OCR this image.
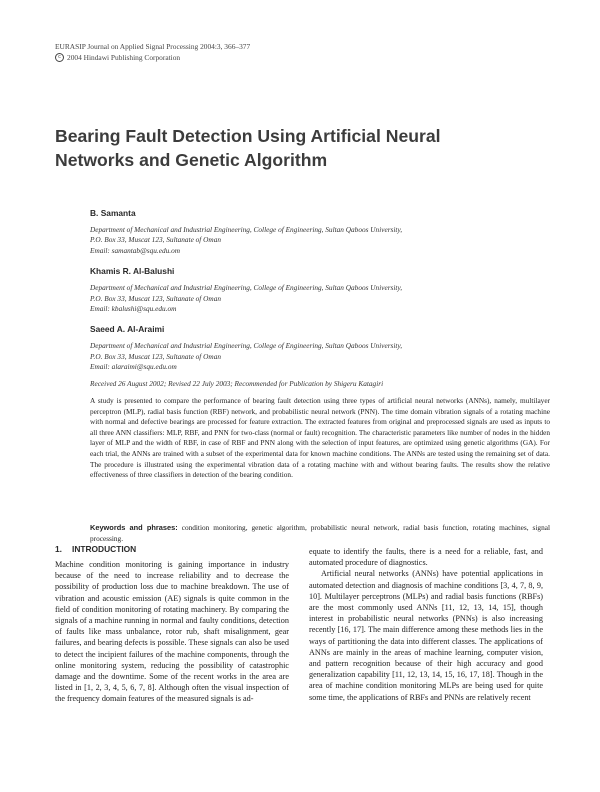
EURASIP Journal on Applied Signal Processing 2004:3, 366–377
c 2004 Hindawi Publishing Corporation
Bearing Fault Detection Using Artificial Neural
Networks and Genetic Algorithm
B. Samanta
Department of Mechanical and Industrial Engineering, College of Engineering, Sultan Qaboos University,
P.O. Box 33, Muscat 123, Sultanate of Oman
Email: samantab@squ.edu.om
Khamis R. Al-Balushi
Department of Mechanical and Industrial Engineering, College of Engineering, Sultan Qaboos University,
P.O. Box 33, Muscat 123, Sultanate of Oman
Email: kbalushi@squ.edu.om
Saeed A. Al-Araimi
Department of Mechanical and Industrial Engineering, College of Engineering, Sultan Qaboos University,
P.O. Box 33, Muscat 123, Sultanate of Oman
Email: alaraimi@squ.edu.om
Received 26 August 2002; Revised 22 July 2003; Recommended for Publication by Shigeru Katagiri

A study is presented to compare the performance of bearing fault detection using three types of artificial neural networks (ANNs), namely, multilayer perceptron (MLP), radial basis function (RBF) network, and probabilistic neural network (PNN). The time domain vibration signals of a rotating machine with normal and defective bearings are processed for feature extraction. The extracted features from original and preprocessed signals are used as inputs to all three ANN classifiers: MLP, RBF, and PNN for two-class (normal or fault) recognition. The characteristic parameters like number of nodes in the hidden layer of MLP and the width of RBF, in case of RBF and PNN along with the selection of input features, are optimized using genetic algorithms (GA). For each trial, the ANNs are trained with a subset of the experimental data for known machine conditions. The ANNs are tested using the remaining set of data. The procedure is illustrated using the experimental vibration data of a rotating machine with and without bearing faults. The results show the relative effectiveness of three classifiers in detection of the bearing condition.

Keywords and phrases: condition monitoring, genetic algorithm, probabilistic neural network, radial basis function, rotating machines, signal processing.

1. INTRODUCTION

Machine condition monitoring is gaining importance in industry because of the need to increase reliability and to decrease the possibility of production loss due to machine breakdown. The use of vibration and acoustic emission (AE) signals is quite common in the field of condition monitoring of rotating machinery. By comparing the signals of a machine running in normal and faulty conditions, detection of faults like mass unbalance, rotor rub, shaft misalignment, gear failures, and bearing defects is possible. These signals can also be used to detect the incipient failures of the machine components, through the online monitoring system, reducing the possibility of catastrophic damage and the downtime. Some of the recent works in the area are listed in [1, 2, 3, 4, 5, 6, 7, 8]. Although often the visual inspection of the frequency domain features of the measured signals is ad-

equate to identify the faults, there is a need for a reliable, fast, and automated procedure of diagnostics.

Artificial neural networks (ANNs) have potential applications in automated detection and diagnosis of machine conditions [3, 4, 7, 8, 9, 10]. Multilayer perceptrons (MLPs) and radial basis functions (RBFs) are the most commonly used ANNs [11, 12, 13, 14, 15], though interest in probabilistic neural networks (PNNs) is also increasing recently [16, 17]. The main difference among these methods lies in the ways of partitioning the data into different classes. The applications of ANNs are mainly in the areas of machine learning, computer vision, and pattern recognition because of their high accuracy and good generalization capability [11, 12, 13, 14, 15, 16, 17, 18]. Though in the area of machine condition monitoring MLPs are being used for quite some time, the applications of RBFs and PNNs are relatively recent
